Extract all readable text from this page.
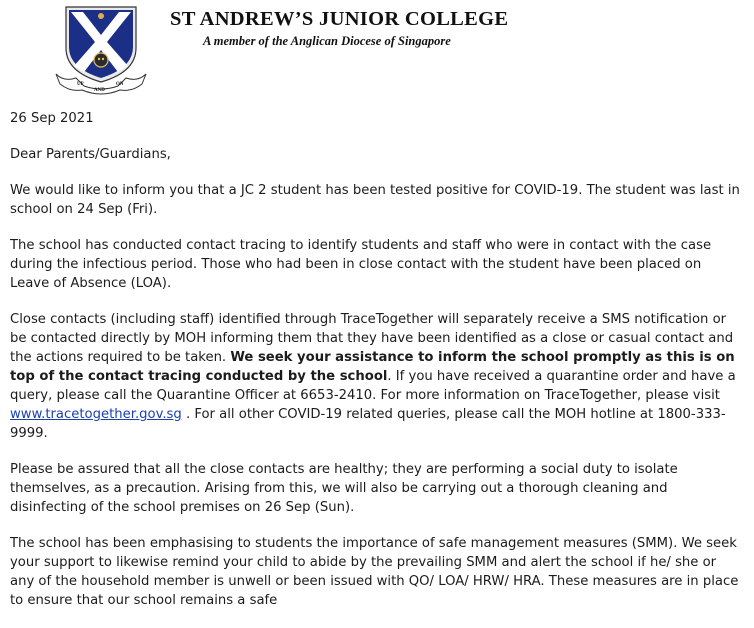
UP
AND
ON
ST ANDREW’S JUNIOR COLLEGE
A member of the Anglican Diocese of Singapore

26 Sep 2021

Dear Parents/Guardians,

We would like to inform you that a JC 2 student has been tested positive for COVID-19. The student was last in school on 24 Sep (Fri).

The school has conducted contact tracing to identify students and staff who were in contact with the case during the infectious period. Those who had been in close contact with the student have been placed on Leave of Absence (LOA).

Close contacts (including staff) identified through TraceTogether will separately receive a SMS notification or be contacted directly by MOH informing them that they have been identified as a close or casual contact and the actions required to be taken. We seek your assistance to inform the school promptly as this is on top of the contact tracing conducted by the school. If you have received a quarantine order and have a query, please call the Quarantine Officer at 6653-2410. For more information on TraceTogether, please visit www.tracetogether.gov.sg . For all other COVID-19 related queries, please call the MOH hotline at 1800-333-9999.

Please be assured that all the close contacts are healthy; they are performing a social duty to isolate themselves, as a precaution. Arising from this, we will also be carrying out a thorough cleaning and disinfecting of the school premises on 26 Sep (Sun).

The school has been emphasising to students the importance of safe management measures (SMM). We seek your support to likewise remind your child to abide by the prevailing SMM and alert the school if he/ she or any of the household member is unwell or been issued with QO/ LOA/ HRW/ HRA. These measures are in place to ensure that our school remains a safe
